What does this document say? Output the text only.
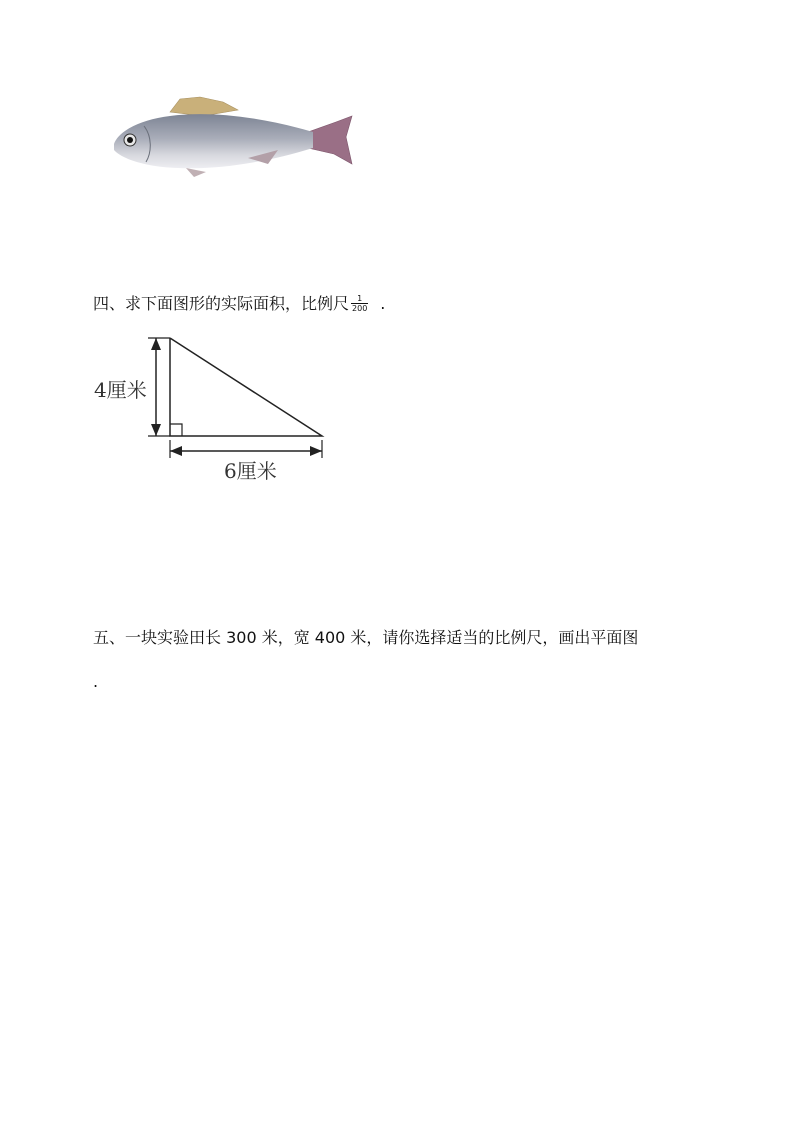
四、求下面图形的实际面积，比例尺 $\frac{1}{200}$ .
4厘米
6厘米
五、一块实验田长 300 米，宽 400 米，请你选择适当的比例尺，画出平面图
.
